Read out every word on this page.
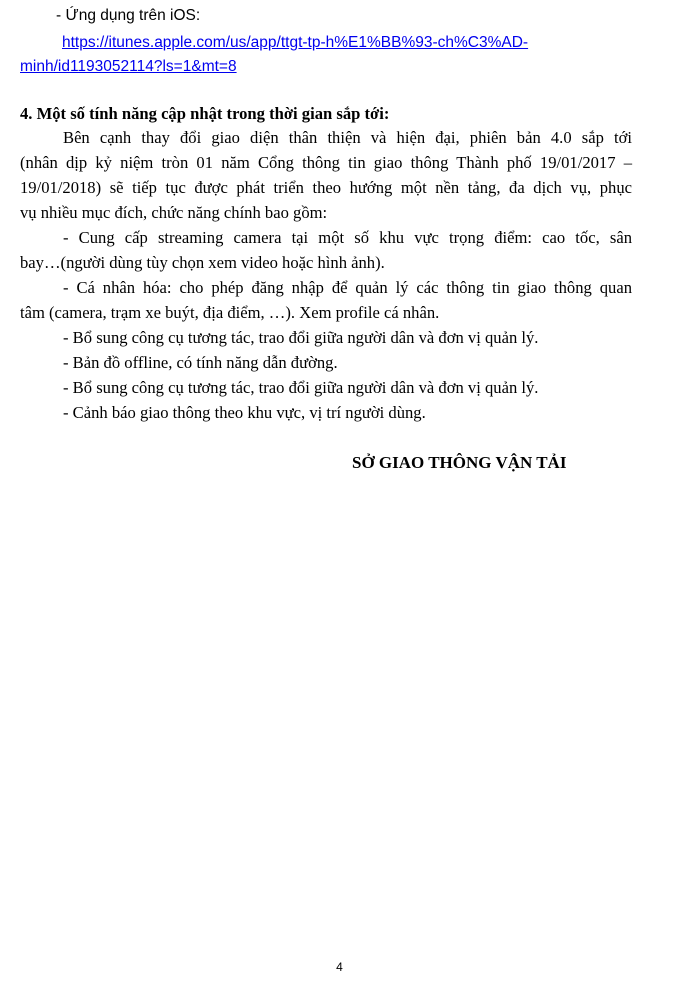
- Ứng dụng trên iOS:
https://itunes.apple.com/us/app/ttgt-tp-h%E1%BB%93-ch%C3%AD-
minh/id1193052114?ls=1&mt=8
4. Một số tính năng cập nhật trong thời gian sắp tới:
Bên cạnh thay đổi giao diện thân thiện và hiện đại, phiên bản 4.0 sắp tới
(nhân dịp kỷ niệm tròn 01 năm Cổng thông tin giao thông Thành phố 19/01/2017 –
19/01/2018) sẽ tiếp tục được phát triển theo hướng một nền tảng, đa dịch vụ, phục
vụ nhiều mục đích, chức năng chính bao gồm:
- Cung cấp streaming camera tại một số khu vực trọng điểm: cao tốc, sân
bay…(người dùng tùy chọn xem video hoặc hình ảnh).
- Cá nhân hóa: cho phép đăng nhập để quản lý các thông tin giao thông quan
tâm (camera, trạm xe buýt, địa điểm, …). Xem profile cá nhân.
- Bổ sung công cụ tương tác, trao đổi giữa người dân và đơn vị quản lý.
- Bản đồ offline, có tính năng dẫn đường.
- Bổ sung công cụ tương tác, trao đổi giữa người dân và đơn vị quản lý.
- Cảnh báo giao thông theo khu vực, vị trí người dùng.
SỞ GIAO THÔNG VẬN TẢI
4
